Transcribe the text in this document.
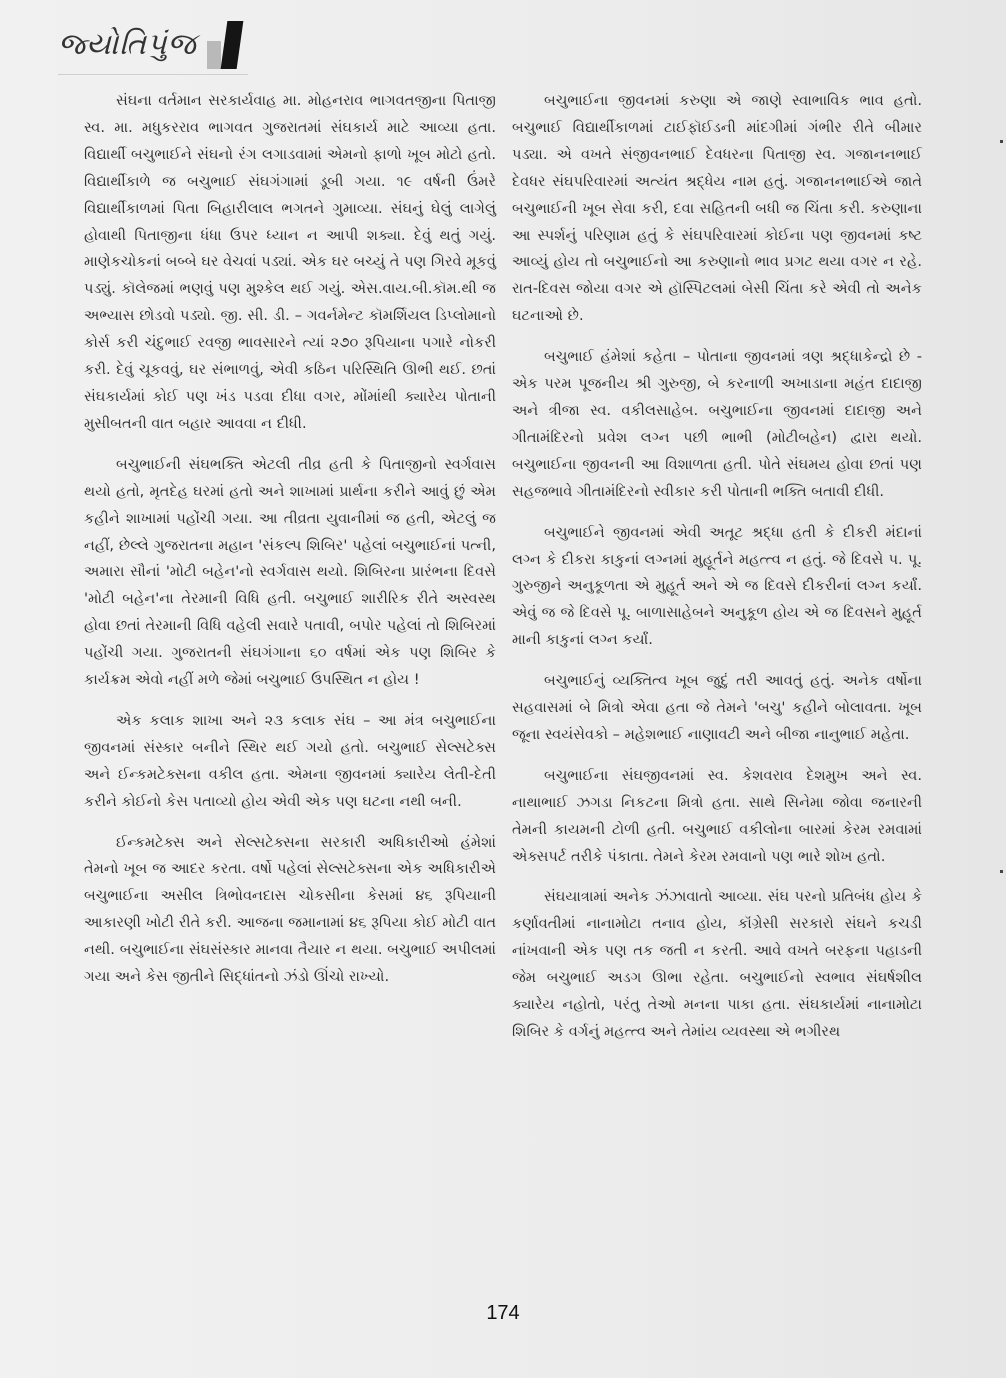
જ્યોતિપુંજ

સંઘના વર્તમાન સરકાર્યવાહ મા. મોહનરાવ ભાગવતજીના પિતાજી સ્વ. મા. મધુકરરાવ ભાગવત ગુજરાતમાં સંઘકાર્ય માટે આવ્યા હતા. વિદ્યાર્થી બચુભાઈને સંઘનો રંગ લગાડવામાં એમનો ફાળો ખૂબ મોટો હતો. વિદ્યાર્થીકાળે જ બચુભાઈ સંઘગંગામાં ડૂબી ગયા. ૧૯ વર્ષની ઉંમરે વિદ્યાર્થીકાળમાં પિતા બિહારીલાલ ભગતને ગુમાવ્યા. સંઘનું ઘેલું લાગેલું હોવાથી પિતાજીના ધંધા ઉપર ધ્યાન ન આપી શક્યા. દેવું થતું ગયું. માણેકચોકનાં બબ્બે ઘર વેચવાં પડ્યાં. એક ઘર બચ્યું તે પણ ગિરવે મૂકવું પડ્યું. કૉલેજમાં ભણવું પણ મુશ્કેલ થઈ ગયું. એસ.વાય.બી.કૉમ.થી જ અભ્યાસ છોડવો પડ્યો. જી. સી. ડી. – ગવર્નમેન્ટ કૉમર્શિયલ ડિપ્લોમાનો કોર્સ કરી ચંદુભાઈ રવજી ભાવસારને ત્યાં ૨૭૦ રૂપિયાના પગારે નોકરી કરી. દેવું ચૂકવવું, ઘર સંભાળવું, એવી કઠિન પરિસ્થિતિ ઊભી થઈ. છતાં સંઘકાર્યમાં કોઈ પણ ખંડ પડવા દીધા વગર, મોંમાંથી ક્યારેય પોતાની મુસીબતની વાત બહાર આવવા ન દીધી.

બચુભાઈની સંઘભક્તિ એટલી તીવ્ર હતી કે પિતાજીનો સ્વર્ગવાસ થયો હતો, મૃતદેહ ઘરમાં હતો અને શાખામાં પ્રાર્થના કરીને આવું છું એમ કહીને શાખામાં પહોંચી ગયા. આ તીવ્રતા યુવાનીમાં જ હતી, એટલું જ નહીં, છેલ્લે ગુજરાતના મહાન 'સંકલ્પ શિબિર' પહેલાં બચુભાઈનાં પત્ની, અમારા સૌનાં 'મોટી બહેન'નો સ્વર્ગવાસ થયો. શિબિરના પ્રારંભના દિવસે 'મોટી બહેન'ના તેરમાની વિધિ હતી. બચુભાઈ શારીરિક રીતે અસ્વસ્થ હોવા છતાં તેરમાની વિધિ વહેલી સવારે પતાવી, બપોર પહેલાં તો શિબિરમાં પહોંચી ગયા. ગુજરાતની સંઘગંગાના ૬૦ વર્ષમાં એક પણ શિબિર કે કાર્યક્રમ એવો નહીં મળે જેમાં બચુભાઈ ઉપસ્થિત ન હોય !

એક કલાક શાખા અને ૨૩ કલાક સંઘ – આ મંત્ર બચુભાઈના જીવનમાં સંસ્કાર બનીને સ્થિર થઈ ગયો હતો. બચુભાઈ સેલ્સટેક્સ અને ઈન્કમટેક્સના વકીલ હતા. એમના જીવનમાં ક્યારેય લેતી-દેતી કરીને કોઈનો કેસ પતાવ્યો હોય એવી એક પણ ઘટના નથી બની.

ઈન્કમટેક્સ અને સેલ્સટેક્સના સરકારી અધિકારીઓ હંમેશાં તેમનો ખૂબ જ આદર કરતા. વર્ષો પહેલાં સેલ્સટેક્સના એક અધિકારીએ બચુભાઈના અસીલ ત્રિભોવનદાસ ચોકસીના કેસમાં ૪૬ રૂપિયાની આકારણી ખોટી રીતે કરી. આજના જમાનામાં ૪૬ રૂપિયા કોઈ મોટી વાત નથી. બચુભાઈના સંઘસંસ્કાર માનવા તૈયાર ન થયા. બચુભાઈ અપીલમાં ગયા અને કેસ જીતીને સિદ્ધાંતનો ઝંડો ઊંચો રાખ્યો.

બચુભાઈના જીવનમાં કરુણા એ જાણે સ્વાભાવિક ભાવ હતો. બચુભાઈ વિદ્યાર્થીકાળમાં ટાઈફૉઈડની માંદગીમાં ગંભીર રીતે બીમાર પડ્યા. એ વખતે સંજીવનભાઈ દેવધરના પિતાજી સ્વ. ગજાનનભાઈ દેવધર સંઘપરિવારમાં અત્યંત શ્રદ્ધેય નામ હતું. ગજાનનભાઈએ જાતે બચુભાઈની ખૂબ સેવા કરી, દવા સહિતની બધી જ ચિંતા કરી. કરુણાના આ સ્પર્શનું પરિણામ હતું કે સંઘપરિવારમાં કોઈના પણ જીવનમાં કષ્ટ આવ્યું હોય તો બચુભાઈનો આ કરુણાનો ભાવ પ્રગટ થયા વગર ન રહે. રાત-દિવસ જોયા વગર એ હૉસ્પિટલમાં બેસી ચિંતા કરે એવી તો અનેક ઘટનાઓ છે.

બચુભાઈ હંમેશાં કહેતા – પોતાના જીવનમાં ત્રણ શ્રદ્ધાકેન્દ્રો છે - એક પરમ પૂજનીય શ્રી ગુરુજી, બે કરનાળી અખાડાના મહંત દાદાજી અને ત્રીજા સ્વ. વકીલસાહેબ. બચુભાઈના જીવનમાં દાદાજી અને ગીતામંદિરનો પ્રવેશ લગ્ન પછી ભાભી (મોટીબહેન) દ્વારા થયો. બચુભાઈના જીવનની આ વિશાળતા હતી. પોતે સંઘમય હોવા છતાં પણ સહજભાવે ગીતામંદિરનો સ્વીકાર કરી પોતાની ભક્તિ બતાવી દીધી.

બચુભાઈને જીવનમાં એવી અતૂટ શ્રદ્ધા હતી કે દીકરી મંદાનાં લગ્ન કે દીકરા કાકુનાં લગ્નમાં મુહૂર્તને મહત્ત્વ ન હતું. જે દિવસે પ. પૂ. ગુરુજીને અનુકૂળતા એ મુહૂર્ત અને એ જ દિવસે દીકરીનાં લગ્ન કર્યાં. એવું જ જે દિવસે પૂ. બાળાસાહેબને અનુકૂળ હોય એ જ દિવસને મુહૂર્ત માની કાકુનાં લગ્ન કર્યાં.

બચુભાઈનું વ્યક્તિત્વ ખૂબ જુદું તરી આવતું હતું. અનેક વર્ષોના સહવાસમાં બે મિત્રો એવા હતા જે તેમને 'બચુ' કહીને બોલાવતા. ખૂબ જૂના સ્વયંસેવકો – મહેશભાઈ નાણાવટી અને બીજા નાનુભાઈ મહેતા.

બચુભાઈના સંઘજીવનમાં સ્વ. કેશવરાવ દેશમુખ અને સ્વ. નાથાભાઈ ઝગડા નિકટના મિત્રો હતા. સાથે સિનેમા જોવા જનારની તેમની કાયમની ટોળી હતી. બચુભાઈ વકીલોના બારમાં કેરમ રમવામાં એક્સપર્ટ તરીકે પંકાતા. તેમને કેરમ રમવાનો પણ ભારે શોખ હતો.

સંઘયાત્રામાં અનેક ઝંઝાવાતો આવ્યા. સંઘ પરનો પ્રતિબંધ હોય કે કર્ણાવતીમાં નાનામોટા તનાવ હોય, કૉંગ્રેસી સરકારો સંઘને કચડી નાંખવાની એક પણ તક જતી ન કરતી. આવે વખતે બરફના પહાડની જેમ બચુભાઈ અડગ ઊભા રહેતા. બચુભાઈનો સ્વભાવ સંઘર્ષશીલ ક્યારેય નહોતો, પરંતુ તેઓ મનના પાકા હતા. સંઘકાર્યમાં નાનામોટા શિબિર કે વર્ગનું મહત્ત્વ અને તેમાંય વ્યવસ્થા એ ભગીરથ

174
